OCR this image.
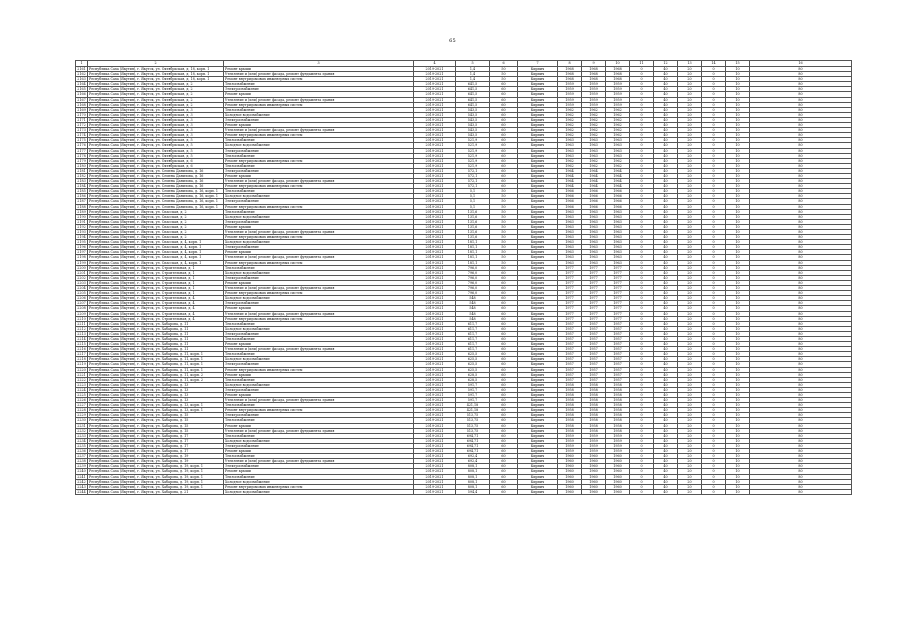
65
1	2	3	4	5	6	7	8	9	10	11	12	13	14	15	16
2161	Республика Саха (Якутия), г. Якутск, ул. Октябрьская, д. 18, корп. 1	Ремонт крыши	2019-2021	1,4	50	Кирпич	1968	1968	1968	0	40	20	0	10	80
2162	Республика Саха (Якутия), г. Якутск, ул. Октябрьская, д. 18, корп. 1	Утепление и (или) ремонт фасада, ремонт фундамента здания	2019-2021	1,4	50	Кирпич	1968	1968	1968	0	40	20	0	10	80
2163	Республика Саха (Якутия), г. Якутск, ул. Октябрьская, д. 18, корп. 1	Ремонт внутридомовых инженерных систем	2019-2021	1,4	50	Кирпич	1968	1968	1968	0	40	20	0	10	80
2164	Республика Саха (Якутия), г. Якутск, ул. Октябрьская, д. 2	Теплоснабжение	2019-2021	641,5	60	Кирпич	1959	1959	1959	0	40	20	0	10	80
2165	Республика Саха (Якутия), г. Якутск, ул. Октябрьская, д. 2	Электроснабжение	2019-2021	641,5	60	Кирпич	1959	1959	1959	0	40	20	0	10	80
2166	Республика Саха (Якутия), г. Якутск, ул. Октябрьская, д. 2	Ремонт крыши	2019-2021	641,5	60	Кирпич	1959	1959	1959	0	40	20	0	10	80
2167	Республика Саха (Якутия), г. Якутск, ул. Октябрьская, д. 2	Утепление и (или) ремонт фасада, ремонт фундамента здания	2019-2021	641,5	60	Кирпич	1959	1959	1959	0	40	20	0	10	80
2168	Республика Саха (Якутия), г. Якутск, ул. Октябрьская, д. 2	Ремонт внутридомовых инженерных систем	2019-2021	641,5	60	Кирпич	1959	1959	1959	0	40	20	0	10	80
2169	Республика Саха (Якутия), г. Якутск, ул. Октябрьская, д. 3	Теплоснабжение	2019-2021	543,5	60	Кирпич	1962	1962	1962	0	40	20	0	10	80
2170	Республика Саха (Якутия), г. Якутск, ул. Октябрьская, д. 3	Холодное водоснабжение	2019-2021	543,5	60	Кирпич	1962	1962	1962	0	40	20	0	10	80
2171	Республика Саха (Якутия), г. Якутск, ул. Октябрьская, д. 3	Электроснабжение	2019-2021	543,5	60	Кирпич	1962	1962	1962	0	40	20	0	10	80
2172	Республика Саха (Якутия), г. Якутск, ул. Октябрьская, д. 3	Ремонт крыши	2019-2021	543,5	60	Кирпич	1962	1962	1962	0	40	20	0	10	80
2173	Республика Саха (Якутия), г. Якутск, ул. Октябрьская, д. 3	Утепление и (или) ремонт фасада, ремонт фундамента здания	2019-2021	543,5	60	Кирпич	1962	1962	1962	0	40	20	0	10	80
2174	Республика Саха (Якутия), г. Якутск, ул. Октябрьская, д. 3	Ремонт внутридомовых инженерных систем	2019-2021	543,5	60	Кирпич	1962	1962	1962	0	40	20	0	10	80
2175	Республика Саха (Якутия), г. Якутск, ул. Октябрьская, д. 5	Теплоснабжение	2019-2021	521,9	60	Кирпич	1963	1963	1963	0	40	20	0	10	80
2176	Республика Саха (Якутия), г. Якутск, ул. Октябрьская, д. 5	Холодное водоснабжение	2019-2021	521,9	60	Кирпич	1963	1963	1963	0	40	20	0	10	80
2177	Республика Саха (Якутия), г. Якутск, ул. Октябрьская, д. 5	Электроснабжение	2019-2021	521,9	60	Кирпич	1963	1963	1963	0	40	20	0	10	80
2178	Республика Саха (Якутия), г. Якутск, ул. Октябрьская, д. 5	Теплоснабжение	2019-2021	521,9	60	Кирпич	1963	1963	1963	0	40	20	0	10	80
2179	Республика Саха (Якутия), г. Якутск, ул. Октябрьская, д. 6	Ремонт внутридомовых инженерных систем	2019-2021	521,9	60	Кирпич	1962	1962	1962	0	40	20	0	10	80
2180	Республика Саха (Якутия), г. Якутск, ул. Октябрьская, д. 6	Теплоснабжение	2019-2021	521,9	60	Кирпич	1962	1962	1962	0	40	20	0	10	80
2181	Республика Саха (Якутия), г. Якутск, ул. Семена Данилова, д. 16	Электроснабжение	2019-2021	572,1	60	Кирпич	1964	1964	1964	0	40	20	0	10	80
2182	Республика Саха (Якутия), г. Якутск, ул. Семена Данилова, д. 16	Ремонт крыши	2019-2021	572,1	60	Кирпич	1964	1964	1964	0	40	20	0	10	80
2183	Республика Саха (Якутия), г. Якутск, ул. Семена Данилова, д. 16	Утепление и (или) ремонт фасада, ремонт фундамента здания	2019-2021	572,1	60	Кирпич	1964	1964	1964	0	40	20	0	10	80
2184	Республика Саха (Якутия), г. Якутск, ул. Семена Данилова, д. 16	Ремонт внутридомовых инженерных систем	2019-2021	572,1	60	Кирпич	1964	1964	1964	0	40	20	0	10	80
2185	Республика Саха (Якутия), г. Якутск, ул. Семена Данилова, д. 16, корп. 1	Теплоснабжение	2019-2021	5,1	50	Кирпич	1966	1966	1966	0	40	20	0	10	80
2186	Республика Саха (Якутия), г. Якутск, ул. Семена Данилова, д. 16, корп. 1	Холодное водоснабжение	2019-2021	5,1	50	Кирпич	1966	1966	1966	0	40	20	0	10	80
2187	Республика Саха (Якутия), г. Якутск, ул. Семена Данилова, д. 16, корп. 1	Электроснабжение	2019-2021	5,1	50	Кирпич	1966	1966	1966	0	40	20	0	10	80
2188	Республика Саха (Якутия), г. Якутск, ул. Семена Данилова, д. 16, корп. 1	Ремонт внутридомовых инженерных систем	2019-2021	5,1	50	Кирпич	1966	1966	1966	0	40	20	0	10	80
2189	Республика Саха (Якутия), г. Якутск, ул. Спасская, д. 2	Теплоснабжение	2019-2021	131,6	50	Кирпич	1963	1963	1963	0	40	20	0	10	80
2190	Республика Саха (Якутия), г. Якутск, ул. Спасская, д. 2	Холодное водоснабжение	2019-2021	131,6	50	Кирпич	1963	1963	1963	0	40	20	0	10	80
2191	Республика Саха (Якутия), г. Якутск, ул. Спасская, д. 2	Электроснабжение	2019-2021	131,6	50	Кирпич	1963	1963	1963	0	40	20	0	10	80
2192	Республика Саха (Якутия), г. Якутск, ул. Спасская, д. 2	Ремонт крыши	2019-2021	131,6	50	Кирпич	1963	1963	1963	0	40	20	0	10	80
2193	Республика Саха (Якутия), г. Якутск, ул. Спасская, д. 2	Утепление и (или) ремонт фасада, ремонт фундамента здания	2019-2021	131,6	50	Кирпич	1963	1963	1963	0	40	20	0	10	80
2194	Республика Саха (Якутия), г. Якутск, ул. Спасская, д. 2	Ремонт внутридомовых инженерных систем	2019-2021	131,6	50	Кирпич	1963	1963	1963	0	40	20	0	10	80
2195	Республика Саха (Якутия), г. Якутск, ул. Спасская, д. 4, корп. 1	Холодное водоснабжение	2019-2021	181,1	50	Кирпич	1963	1963	1963	0	40	20	0	10	80
2196	Республика Саха (Якутия), г. Якутск, ул. Спасская, д. 4, корп. 1	Электроснабжение	2019-2021	181,1	50	Кирпич	1963	1963	1963	0	40	20	0	10	80
2197	Республика Саха (Якутия), г. Якутск, ул. Спасская, д. 4, корп. 1	Ремонт крыши	2019-2021	181,1	50	Кирпич	1963	1963	1963	0	40	20	0	10	80
2198	Республика Саха (Якутия), г. Якутск, ул. Спасская, д. 4, корп. 1	Утепление и (или) ремонт фасада, ремонт фундамента здания	2019-2021	181,1	50	Кирпич	1963	1963	1963	0	40	20	0	10	80
2199	Республика Саха (Якутия), г. Якутск, ул. Спасская, д. 4, корп. 1	Ремонт внутридомовых инженерных систем	2019-2021	181,1	50	Кирпич	1963	1963	1963	0	40	20	0	10	80
2200	Республика Саха (Якутия), г. Якутск, ул. Строительная, д. 1	Теплоснабжение	2019-2021	796,0	60	Кирпич	1977	1977	1977	0	40	20	0	10	80
2201	Республика Саха (Якутия), г. Якутск, ул. Строительная, д. 1	Холодное водоснабжение	2019-2021	796,0	60	Кирпич	1977	1977	1977	0	40	20	0	10	80
2202	Республика Саха (Якутия), г. Якутск, ул. Строительная, д. 1	Электроснабжение	2019-2021	796,0	60	Кирпич	1977	1977	1977	0	40	20	0	10	80
2203	Республика Саха (Якутия), г. Якутск, ул. Строительная, д. 1	Ремонт крыши	2019-2021	796,0	60	Кирпич	1977	1977	1977	0	40	20	0	10	80
2204	Республика Саха (Якутия), г. Якутск, ул. Строительная, д. 1	Утепление и (или) ремонт фасада, ремонт фундамента здания	2019-2021	796,0	60	Кирпич	1977	1977	1977	0	40	20	0	10	80
2205	Республика Саха (Якутия), г. Якутск, ул. Строительная, д. 1	Ремонт внутридомовых инженерных систем	2019-2021	796,0	60	Кирпич	1977	1977	1977	0	40	20	0	10	80
2206	Республика Саха (Якутия), г. Якутск, ул. Строительная, д. 4	Холодное водоснабжение	2019-2021	548	60	Кирпич	1977	1977	1977	0	40	20	0	10	80
2207	Республика Саха (Якутия), г. Якутск, ул. Строительная, д. 4	Электроснабжение	2019-2021	548	60	Кирпич	1977	1977	1977	0	40	20	0	10	80
2208	Республика Саха (Якутия), г. Якутск, ул. Строительная, д. 4	Ремонт крыши	2019-2021	548	60	Кирпич	1977	1977	1977	0	40	20	0	10	80
2209	Республика Саха (Якутия), г. Якутск, ул. Строительная, д. 4	Утепление и (или) ремонт фасада, ремонт фундамента здания	2019-2021	548	60	Кирпич	1977	1977	1977	0	40	20	0	10	80
2210	Республика Саха (Якутия), г. Якутск, ул. Строительная, д. 4	Ремонт внутридомовых инженерных систем	2019-2021	548	60	Кирпич	1977	1977	1977	0	40	20	0	10	80
2211	Республика Саха (Якутия), г. Якутск, ул. Хабарова, д. 11	Теплоснабжение	2019-2021	611,7	60	Кирпич	1957	1957	1957	0	40	20	0	10	80
2212	Республика Саха (Якутия), г. Якутск, ул. Хабарова, д. 11	Холодное водоснабжение	2019-2021	611,7	60	Кирпич	1957	1957	1957	0	40	20	0	10	80
2213	Республика Саха (Якутия), г. Якутск, ул. Хабарова, д. 11	Электроснабжение	2019-2021	611,7	60	Кирпич	1957	1957	1957	0	40	20	0	10	80
2214	Республика Саха (Якутия), г. Якутск, ул. Хабарова, д. 11	Теплоснабжение	2019-2021	611,7	60	Кирпич	1957	1957	1957	0	40	20	0	10	80
2215	Республика Саха (Якутия), г. Якутск, ул. Хабарова, д. 11	Ремонт крыши	2019-2021	611,7	60	Кирпич	1957	1957	1957	0	40	20	0	10	80
2216	Республика Саха (Якутия), г. Якутск, ул. Хабарова, д. 11	Утепление и (или) ремонт фасада, ремонт фундамента здания	2019-2021	611,7	60	Кирпич	1957	1957	1957	0	40	20	0	10	80
2217	Республика Саха (Якутия), г. Якутск, ул. Хабарова, д. 11, корп. 1	Теплоснабжение	2019-2021	625,5	60	Кирпич	1957	1957	1957	0	40	20	0	10	80
2218	Республика Саха (Якутия), г. Якутск, ул. Хабарова, д. 11, корп. 1	Холодное водоснабжение	2019-2021	625,5	60	Кирпич	1957	1957	1957	0	40	20	0	10	80
2219	Республика Саха (Якутия), г. Якутск, ул. Хабарова, д. 11, корп. 1	Электроснабжение	2019-2021	625,5	60	Кирпич	1957	1957	1957	0	40	20	0	10	80
2220	Республика Саха (Якутия), г. Якутск, ул. Хабарова, д. 11, корп. 1	Ремонт внутридомовых инженерных систем	2019-2021	625,5	60	Кирпич	1957	1957	1957	0	40	20	0	10	80
2221	Республика Саха (Якутия), г. Якутск, ул. Хабарова, д. 11, корп. 2	Ремонт крыши	2019-2021	628,5	60	Кирпич	1957	1957	1957	0	40	20	0	10	80
2222	Республика Саха (Якутия), г. Якутск, ул. Хабарова, д. 11, корп. 2	Теплоснабжение	2019-2021	628,5	60	Кирпич	1957	1957	1957	0	40	20	0	10	80
2223	Республика Саха (Якутия), г. Якутск, ул. Хабарова, д. 13	Холодное водоснабжение	2019-2021	591,7	60	Кирпич	1958	1958	1958	0	40	20	0	10	80
2224	Республика Саха (Якутия), г. Якутск, ул. Хабарова, д. 13	Электроснабжение	2019-2021	591,7	60	Кирпич	1958	1958	1958	0	40	20	0	10	80
2225	Республика Саха (Якутия), г. Якутск, ул. Хабарова, д. 13	Ремонт крыши	2019-2021	591,7	60	Кирпич	1958	1958	1958	0	40	20	0	10	80
2226	Республика Саха (Якутия), г. Якутск, ул. Хабарова, д. 13	Утепление и (или) ремонт фасада, ремонт фундамента здания	2019-2021	591,7	60	Кирпич	1958	1958	1958	0	40	20	0	10	80
2227	Республика Саха (Якутия), г. Якутск, ул. Хабарова, д. 13, корп. 1	Теплоснабжение	2019-2021	421,18	60	Кирпич	1958	1958	1958	0	40	20	0	10	80
2228	Республика Саха (Якутия), г. Якутск, ул. Хабарова, д. 13, корп. 1	Ремонт внутридомовых инженерных систем	2019-2021	421,18	60	Кирпич	1958	1958	1958	0	40	20	0	10	80
2229	Республика Саха (Якутия), г. Якутск, ул. Хабарова, д. 15	Электроснабжение	2019-2021	513,75	60	Кирпич	1958	1958	1958	0	40	20	0	10	80
2230	Республика Саха (Якутия), г. Якутск, ул. Хабарова, д. 15	Теплоснабжение	2019-2021	513,75	60	Кирпич	1958	1958	1958	0	40	20	0	10	80
2231	Республика Саха (Якутия), г. Якутск, ул. Хабарова, д. 15	Ремонт крыши	2019-2021	513,75	60	Кирпич	1958	1958	1958	0	40	20	0	10	80
2232	Республика Саха (Якутия), г. Якутск, ул. Хабарова, д. 15	Утепление и (или) ремонт фасада, ремонт фундамента здания	2019-2021	513,75	60	Кирпич	1958	1958	1958	0	40	20	0	10	80
2233	Республика Саха (Якутия), г. Якутск, ул. Хабарова, д. 17	Теплоснабжение	2019-2021	694,71	60	Кирпич	1959	1959	1959	0	40	20	0	10	80
2234	Республика Саха (Якутия), г. Якутск, ул. Хабарова, д. 17	Холодное водоснабжение	2019-2021	694,71	60	Кирпич	1959	1959	1959	0	40	20	0	10	80
2235	Республика Саха (Якутия), г. Якутск, ул. Хабарова, д. 17	Электроснабжение	2019-2021	694,71	60	Кирпич	1959	1959	1959	0	40	20	0	10	80
2236	Республика Саха (Якутия), г. Якутск, ул. Хабарова, д. 17	Ремонт крыши	2019-2021	694,71	60	Кирпич	1959	1959	1959	0	40	20	0	10	80
2237	Республика Саха (Якутия), г. Якутск, ул. Хабарова, д. 19	Теплоснабжение	2019-2021	692,4	60	Кирпич	1960	1960	1960	0	40	20	0	10	80
2238	Республика Саха (Якутия), г. Якутск, ул. Хабарова, д. 19	Утепление и (или) ремонт фасада, ремонт фундамента здания	2019-2021	692,4	60	Кирпич	1960	1960	1960	0	40	20	0	10	80
2239	Республика Саха (Якутия), г. Якутск, ул. Хабарова, д. 19, корп. 1	Электроснабжение	2019-2021	808,1	60	Кирпич	1960	1960	1960	0	40	20	0	10	80
2240	Республика Саха (Якутия), г. Якутск, ул. Хабарова, д. 19, корп. 1	Ремонт крыши	2019-2021	808,1	60	Кирпич	1960	1960	1960	0	40	20	0	10	80
2241	Республика Саха (Якутия), г. Якутск, ул. Хабарова, д. 19, корп. 1	Теплоснабжение	2019-2021	808,1	60	Кирпич	1960	1960	1960	0	40	20	0	10	80
2242	Республика Саха (Якутия), г. Якутск, ул. Хабарова, д. 19, корп. 1	Холодное водоснабжение	2019-2021	808,1	60	Кирпич	1960	1960	1960	0	40	20	0	10	80
2243	Республика Саха (Якутия), г. Якутск, ул. Хабарова, д. 19, корп. 1	Ремонт внутридомовых инженерных систем	2019-2021	808,1	60	Кирпич	1960	1960	1960	0	40	20	0	10	80
2244	Республика Саха (Якутия), г. Якутск, ул. Хабарова, д. 21	Холодное водоснабжение	2019-2021	594,4	60	Кирпич	1960	1960	1960	0	40	20	0	10	80
